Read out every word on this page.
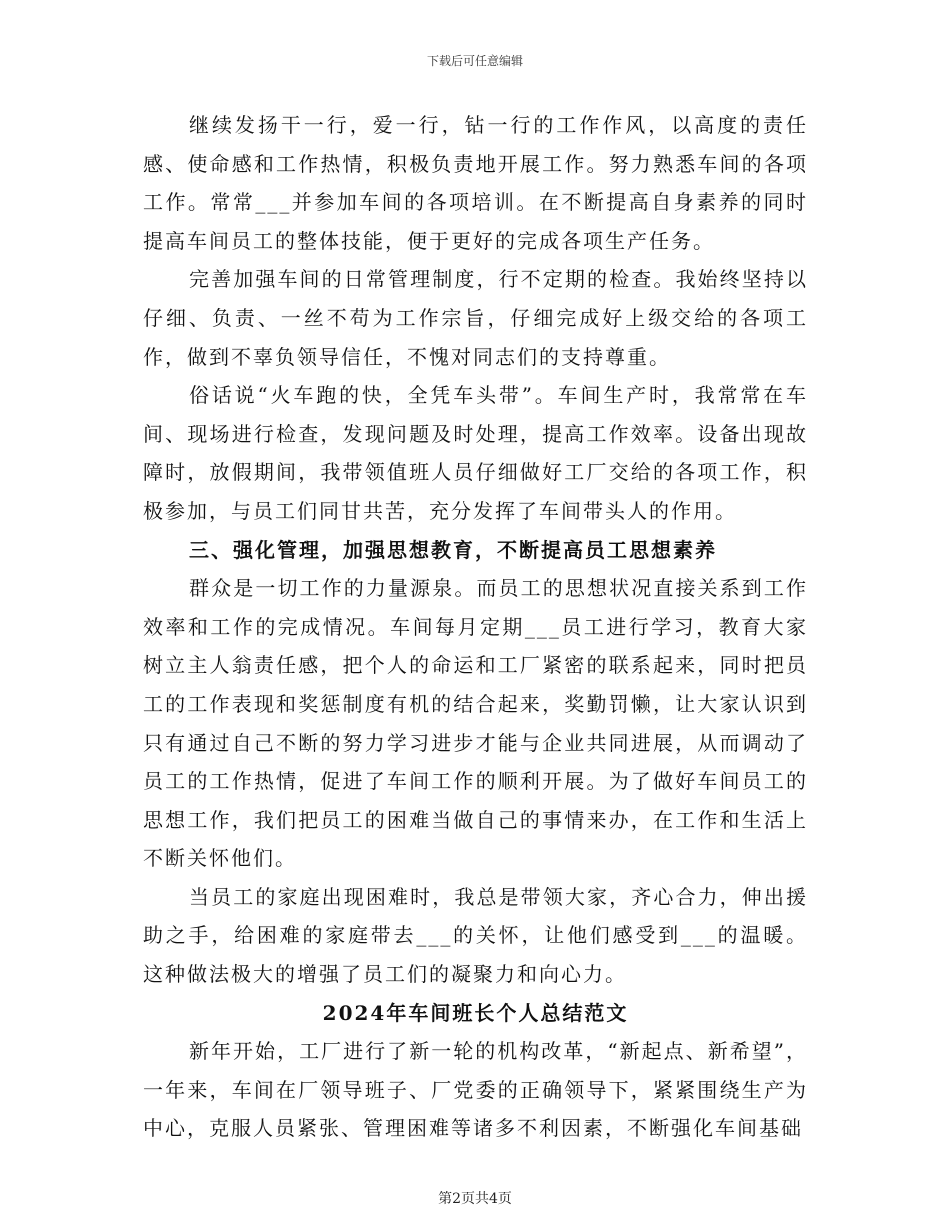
下载后可任意编辑

继续发扬干一行，爱一行，钻一行的工作作风，以高度的责任感、使命感和工作热情，积极负责地开展工作。努力熟悉车间的各项工作。常常___并参加车间的各项培训。在不断提高自身素养的同时提高车间员工的整体技能，便于更好的完成各项生产任务。

完善加强车间的日常管理制度，行不定期的检查。我始终坚持以仔细、负责、一丝不苟为工作宗旨，仔细完成好上级交给的各项工作，做到不辜负领导信任，不愧对同志们的支持尊重。

俗话说“火车跑的快，全凭车头带”。车间生产时，我常常在车间、现场进行检查，发现问题及时处理，提高工作效率。设备出现故障时，放假期间，我带领值班人员仔细做好工厂交给的各项工作，积极参加，与员工们同甘共苦，充分发挥了车间带头人的作用。

三、强化管理，加强思想教育，不断提高员工思想素养

群众是一切工作的力量源泉。而员工的思想状况直接关系到工作效率和工作的完成情况。车间每月定期___员工进行学习，教育大家树立主人翁责任感，把个人的命运和工厂紧密的联系起来，同时把员工的工作表现和奖惩制度有机的结合起来，奖勤罚懒，让大家认识到只有通过自己不断的努力学习进步才能与企业共同进展，从而调动了员工的工作热情，促进了车间工作的顺利开展。为了做好车间员工的思想工作，我们把员工的困难当做自己的事情来办，在工作和生活上不断关怀他们。

当员工的家庭出现困难时，我总是带领大家，齐心合力，伸出援助之手，给困难的家庭带去___的关怀，让他们感受到___的温暖。这种做法极大的增强了员工们的凝聚力和向心力。

2024年车间班长个人总结范文

新年开始，工厂进行了新一轮的机构改革，“新起点、新希望”，一年来，车间在厂领导班子、厂党委的正确领导下，紧紧围绕生产为中心，克服人员紧张、管理困难等诸多不利因素，不断强化车间基础

第2页共4页
